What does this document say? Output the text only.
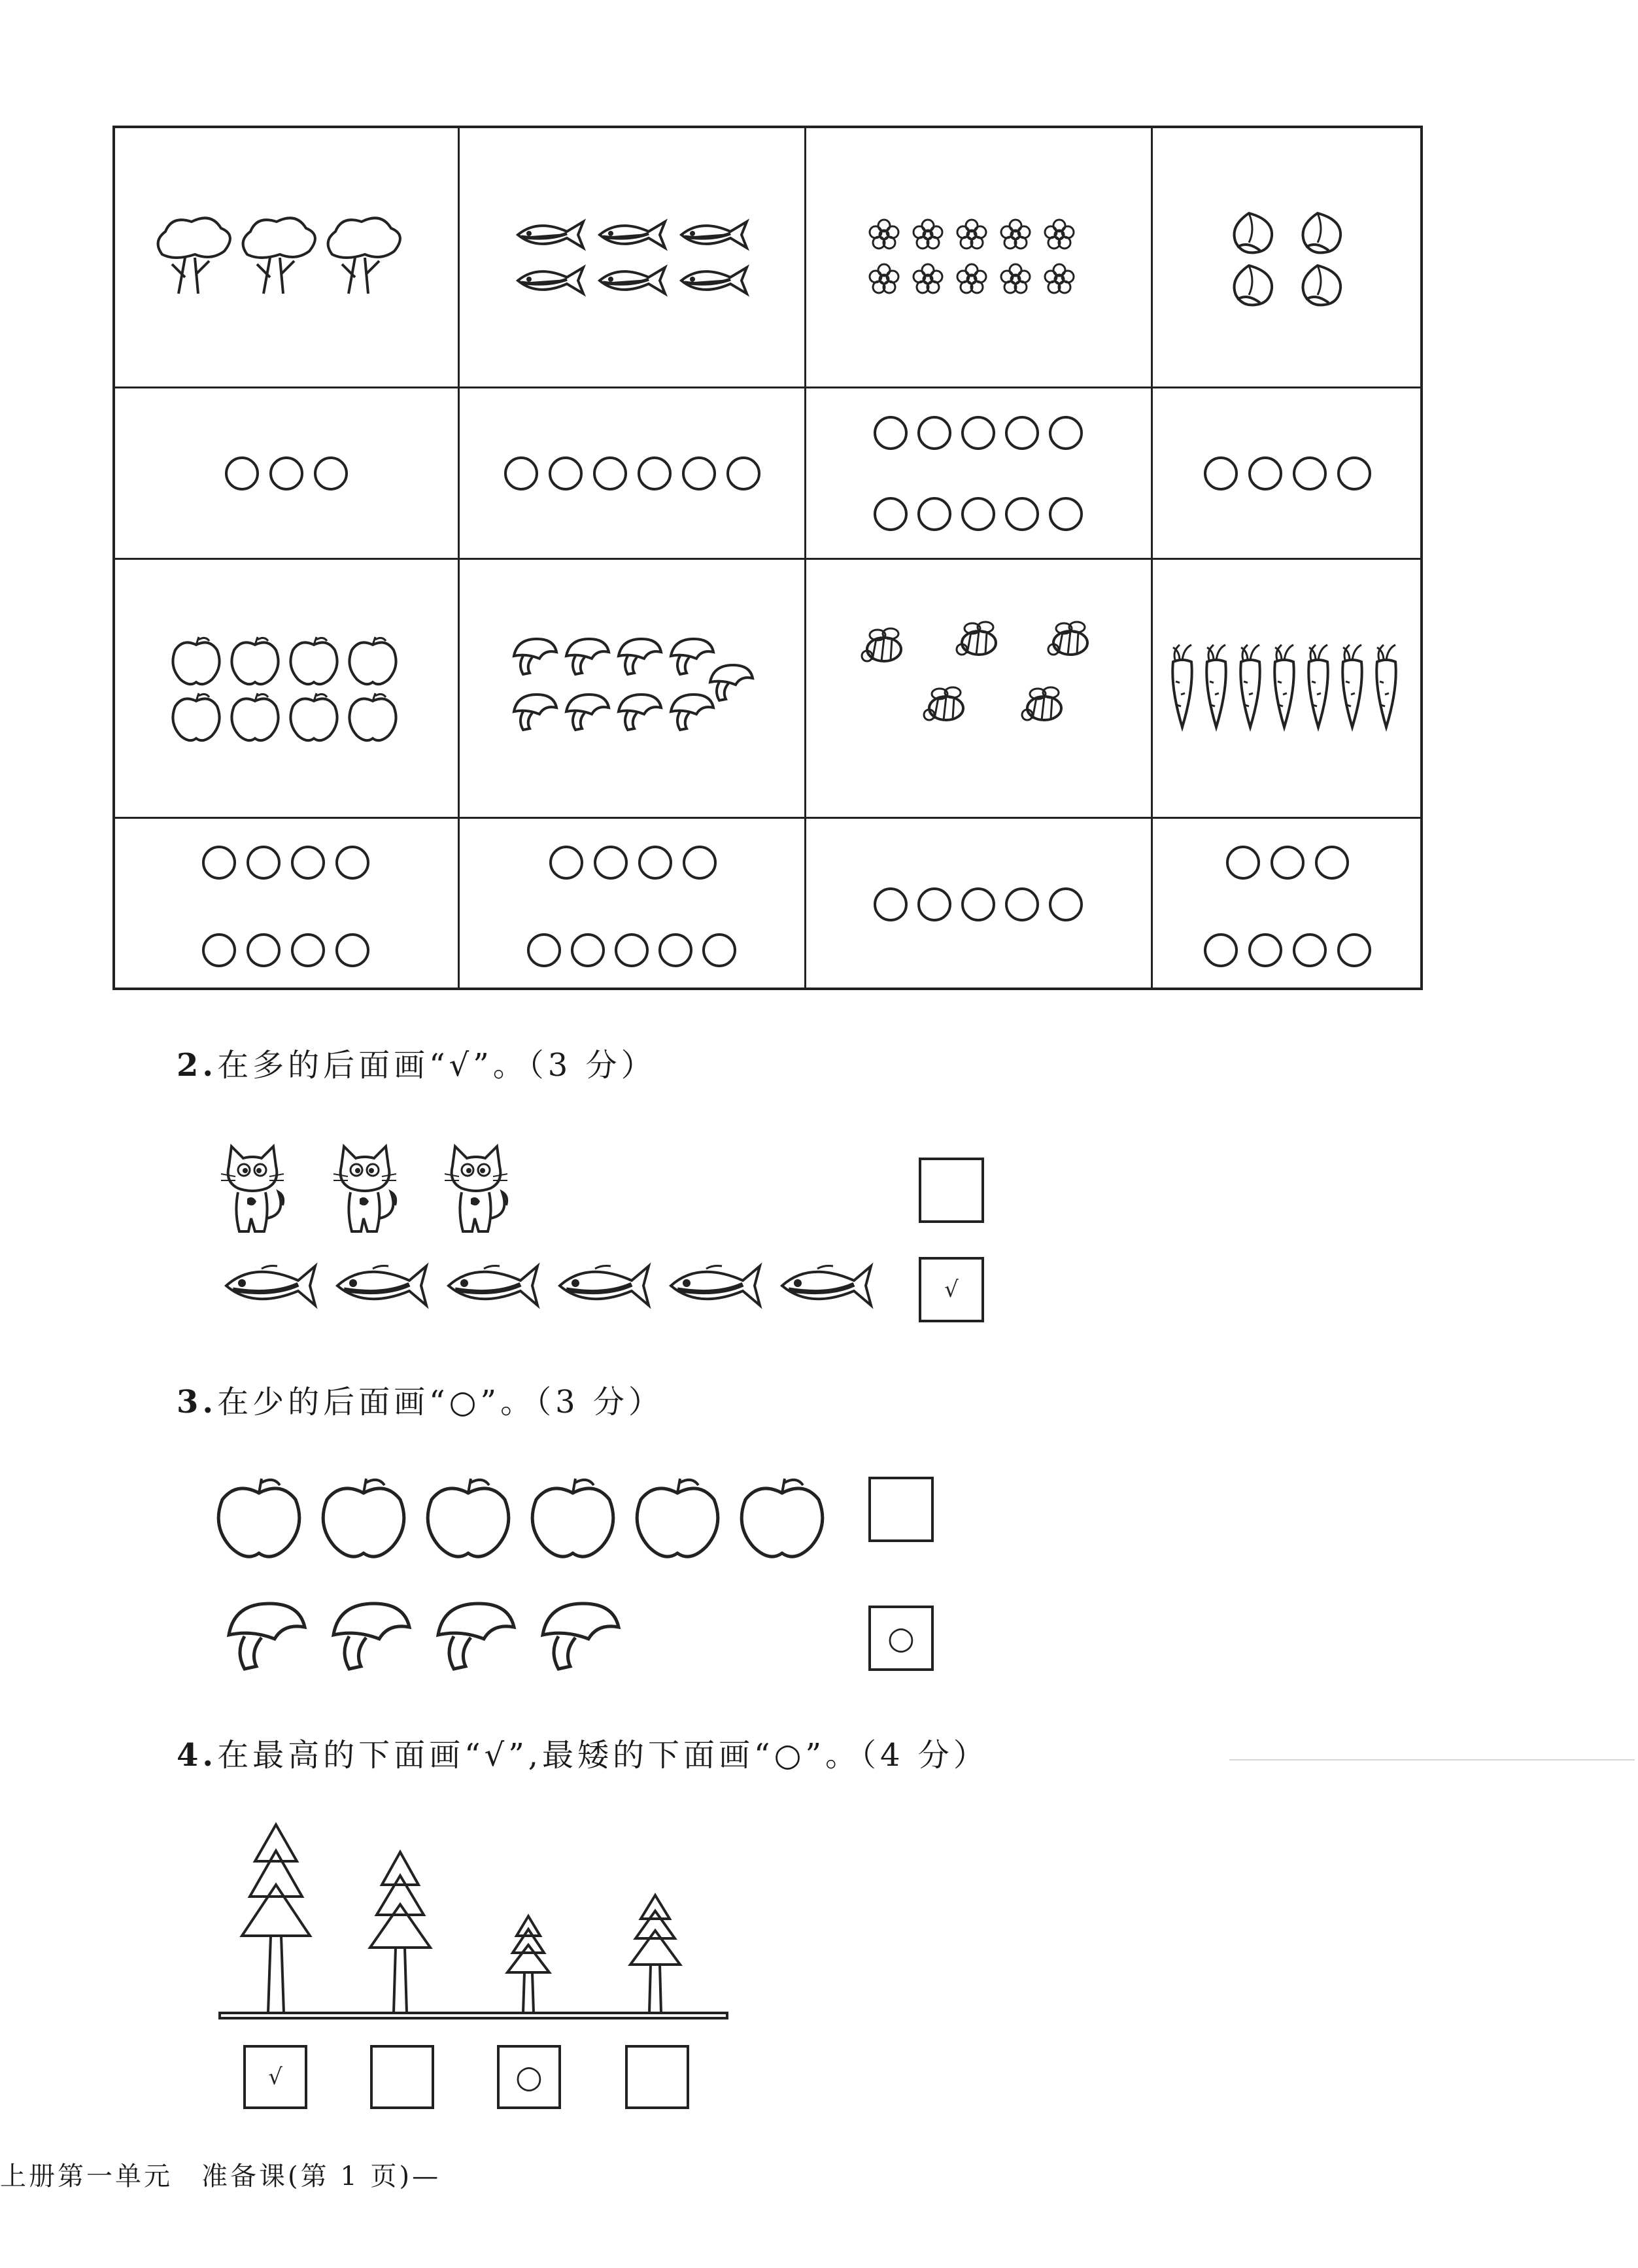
2.在多的后面画“√”。（3 分）
√
3.在少的后面画“○”。（3 分）
○
4.在最高的下面画“√”,最矮的下面画“○”。（4 分）
√	○
上册第一单元　准备课(第 1 页)—
